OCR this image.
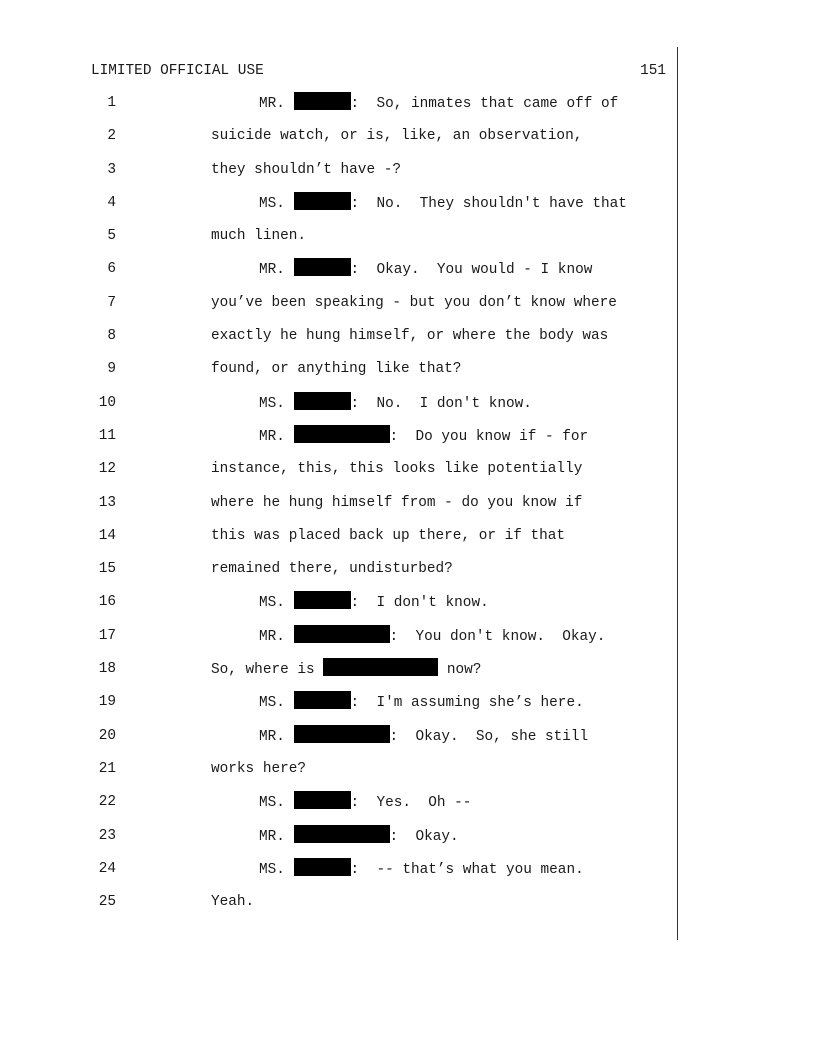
LIMITED OFFICIAL USE	151
1	MR.	:  So, inmates that came off of
2	suicide watch, or is, like, an observation,
3	they shouldn’t have -?
4	MS.	:  No.  They shouldn't have that
5	much linen.
6	MR.	:  Okay.  You would - I know
7	you’ve been speaking - but you don’t know where
8	exactly he hung himself, or where the body was
9	found, or anything like that?
10	MS.	:  No.  I don't know.
11	MR.	:  Do you know if - for
12	instance, this, this looks like potentially
13	where he hung himself from - do you know if
14	this was placed back up there, or if that
15	remained there, undisturbed?
16	MS.	:  I don't know.
17	MR.	:  You don't know.  Okay.
18	So, where is	now?
19	MS.	:  I'm assuming she’s here.
20	MR.	:  Okay.  So, she still
21	works here?
22	MS.	:  Yes.  Oh --
23	MR.	:  Okay.
24	MS.	:  -- that’s what you mean.
25	Yeah.
